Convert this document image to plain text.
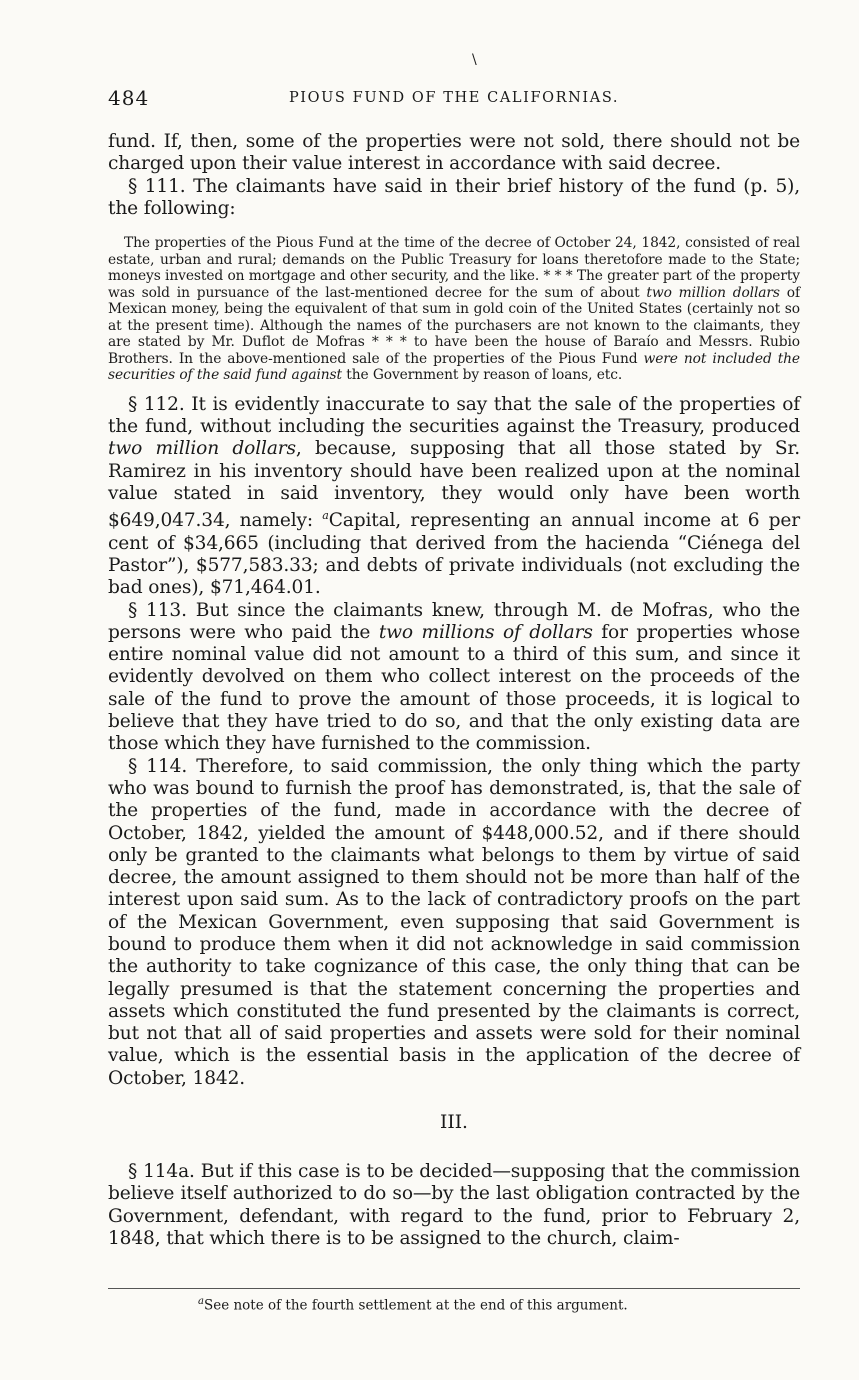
\
484	PIOUS FUND OF THE CALIFORNIAS.

fund. If, then, some of the properties were not sold, there should not be charged upon their value interest in accordance with said decree.

§ 111. The claimants have said in their brief history of the fund (p. 5), the following:

The properties of the Pious Fund at the time of the decree of October 24, 1842, consisted of real estate, urban and rural; demands on the Public Treasury for loans theretofore made to the State; moneys invested on mortgage and other security, and the like. * * * The greater part of the property was sold in pursuance of the last-mentioned decree for the sum of about two million dollars of Mexican money, being the equivalent of that sum in gold coin of the United States (certainly not so at the present time). Although the names of the purchasers are not known to the claimants, they are stated by Mr. Duflot de Mofras * * * to have been the house of Baraío and Messrs. Rubio Brothers. In the above-mentioned sale of the properties of the Pious Fund were not included the securities of the said fund against the Government by reason of loans, etc.

§ 112. It is evidently inaccurate to say that the sale of the properties of the fund, without including the securities against the Treasury, produced two million dollars, because, supposing that all those stated by Sr. Ramirez in his inventory should have been realized upon at the nominal value stated in said inventory, they would only have been worth $649,047.34, namely: $^a$Capital, representing an annual income at 6 per cent of $34,665 (including that derived from the hacienda “Ciénega del Pastor”), $577,583.33; and debts of private individuals (not excluding the bad ones), $71,464.01.

§ 113. But since the claimants knew, through M. de Mofras, who the persons were who paid the two millions of dollars for properties whose entire nominal value did not amount to a third of this sum, and since it evidently devolved on them who collect interest on the proceeds of the sale of the fund to prove the amount of those proceeds, it is logical to believe that they have tried to do so, and that the only existing data are those which they have furnished to the commission.

§ 114. Therefore, to said commission, the only thing which the party who was bound to furnish the proof has demonstrated, is, that the sale of the properties of the fund, made in accordance with the decree of October, 1842, yielded the amount of $448,000.52, and if there should only be granted to the claimants what belongs to them by virtue of said decree, the amount assigned to them should not be more than half of the interest upon said sum. As to the lack of contradictory proofs on the part of the Mexican Government, even supposing that said Government is bound to produce them when it did not acknowledge in said commission the authority to take cognizance of this case, the only thing that can be legally presumed is that the statement concerning the properties and assets which constituted the fund presented by the claimants is correct, but not that all of said properties and assets were sold for their nominal value, which is the essential basis in the application of the decree of October, 1842.

III.

§ 114a. But if this case is to be decided—supposing that the commission believe itself authorized to do so—by the last obligation contracted by the Government, defendant, with regard to the fund, prior to February 2, 1848, that which there is to be assigned to the church, claim-

$^a$See note of the fourth settlement at the end of this argument.
